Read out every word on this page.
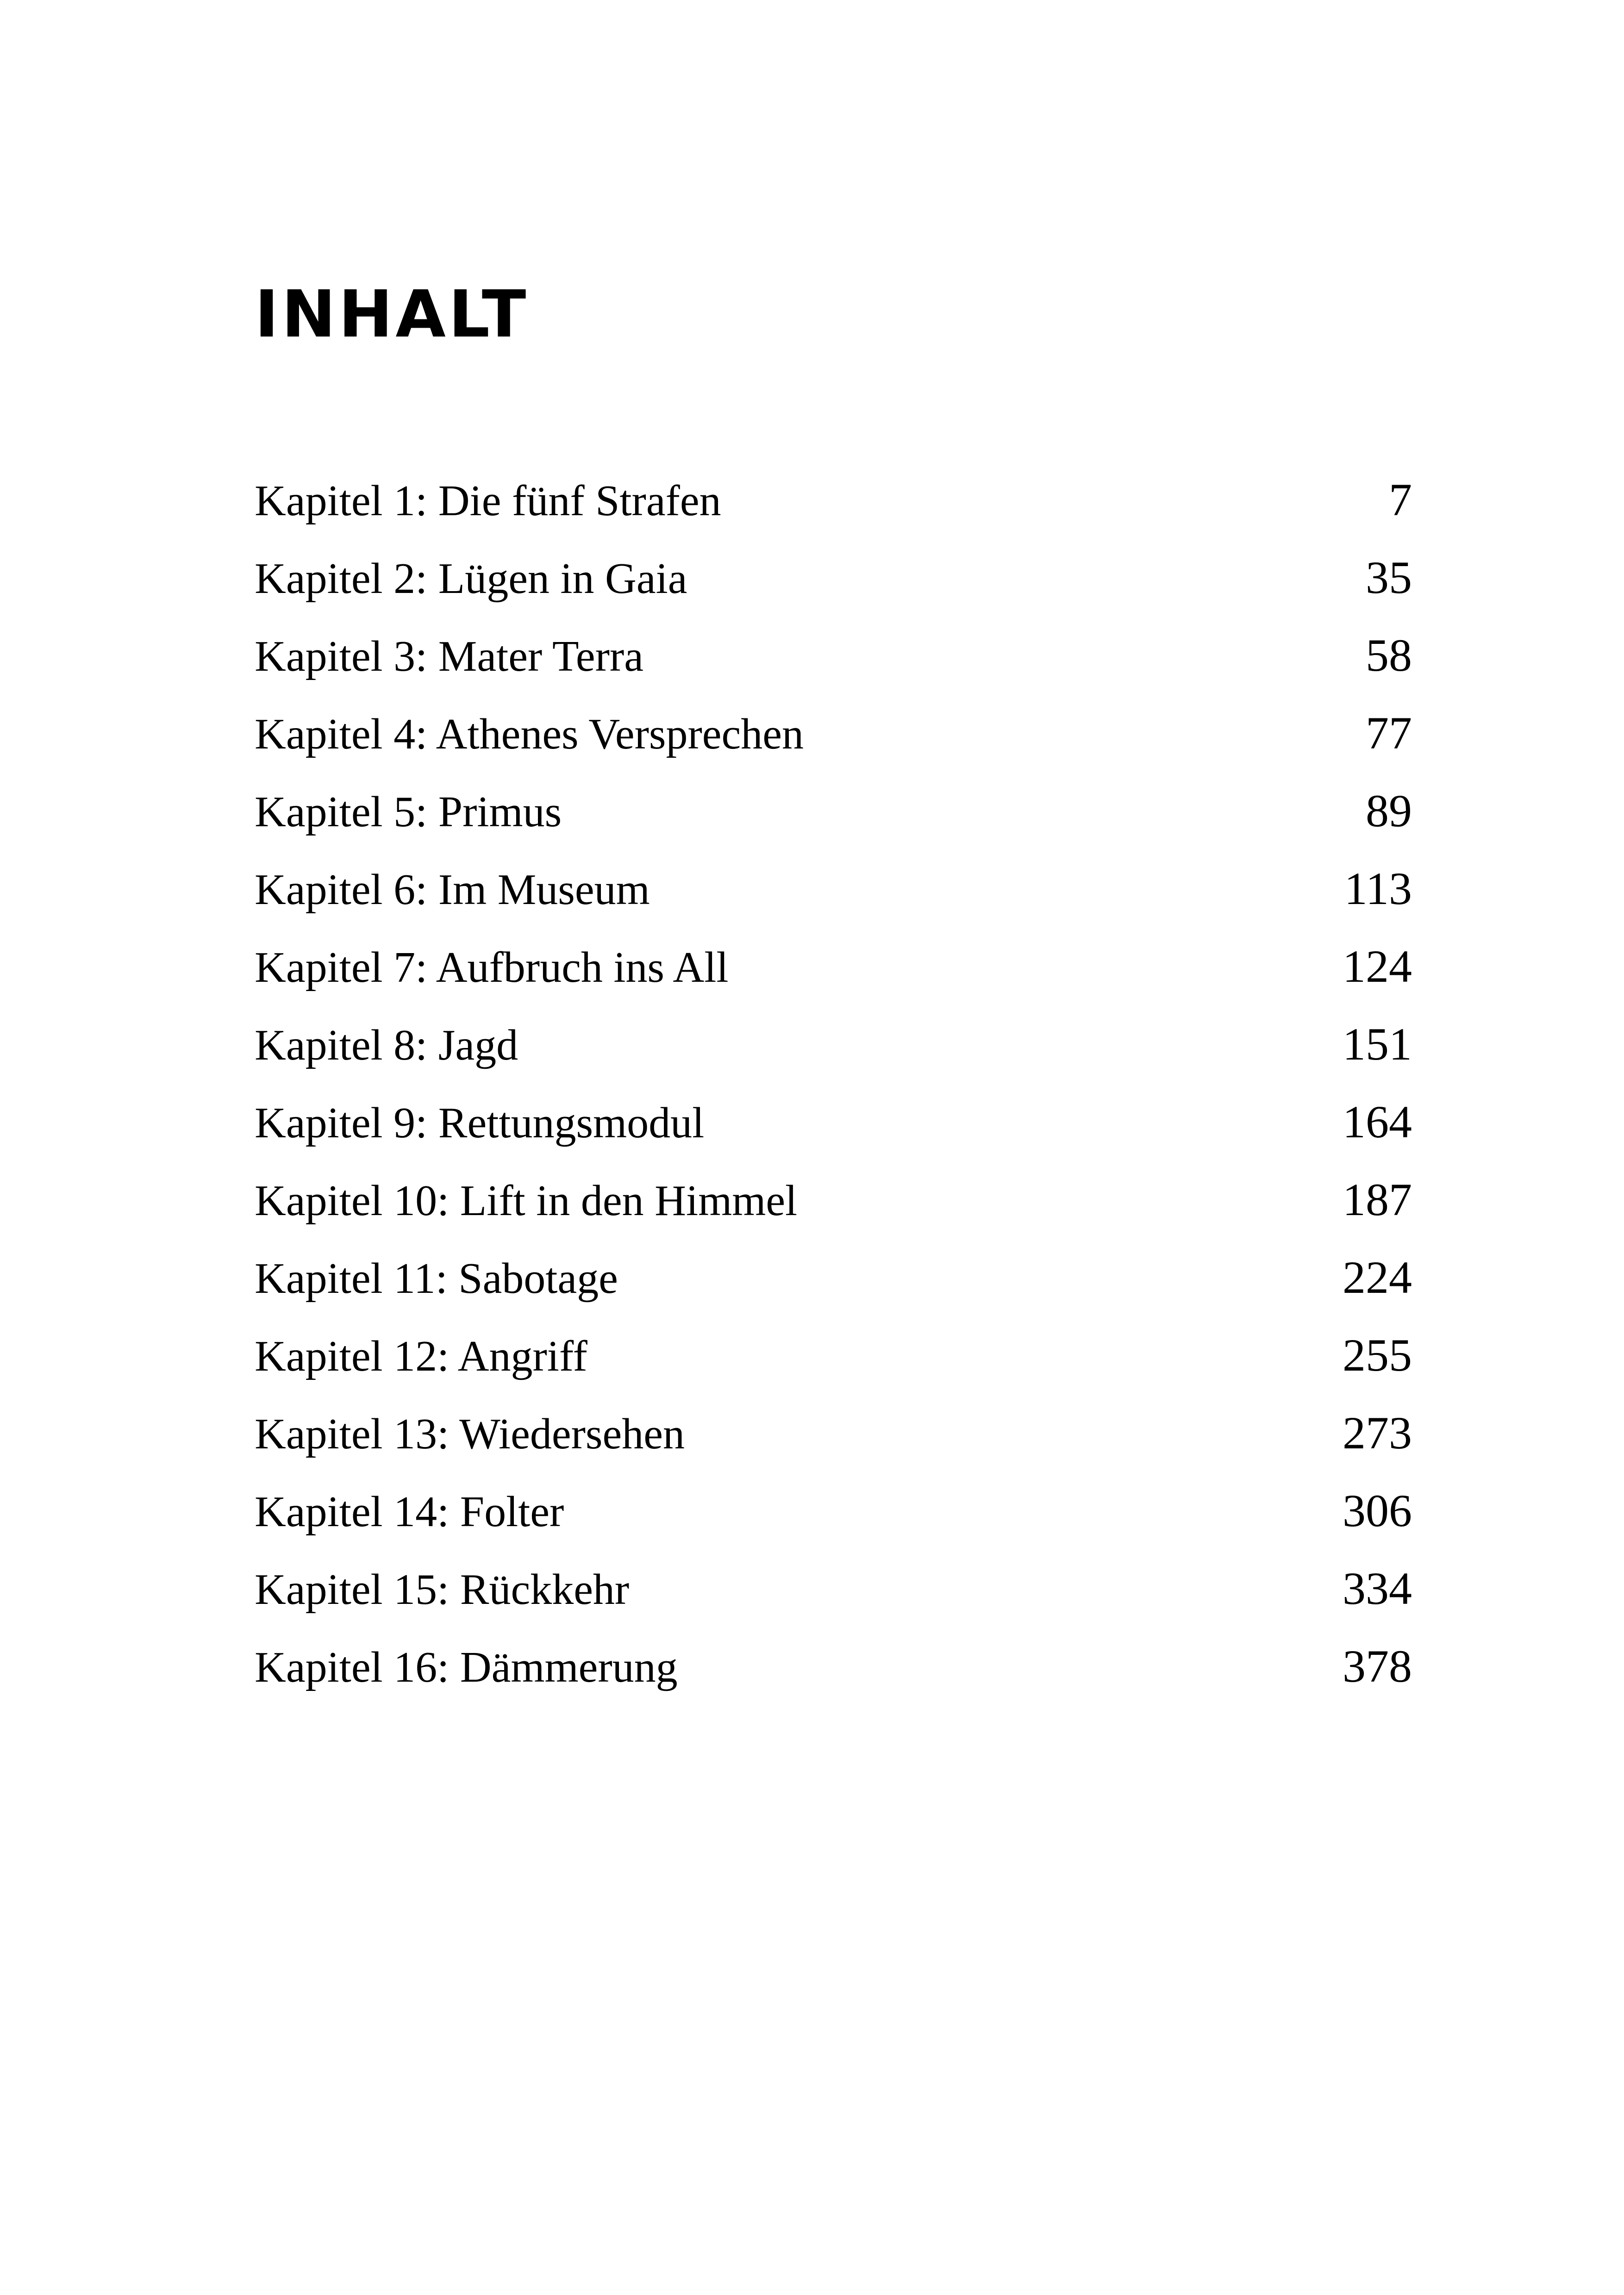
INHALT
Kapitel 1: Die fünf Strafen	7
Kapitel 2: Lügen in Gaia	35
Kapitel 3: Mater Terra	58
Kapitel 4: Athenes Versprechen	77
Kapitel 5: Primus	89
Kapitel 6: Im Museum	113
Kapitel 7: Aufbruch ins All	124
Kapitel 8: Jagd	151
Kapitel 9: Rettungsmodul	164
Kapitel 10: Lift in den Himmel	187
Kapitel 11: Sabotage	224
Kapitel 12: Angriff	255
Kapitel 13: Wiedersehen	273
Kapitel 14: Folter	306
Kapitel 15: Rückkehr	334
Kapitel 16: Dämmerung	378
